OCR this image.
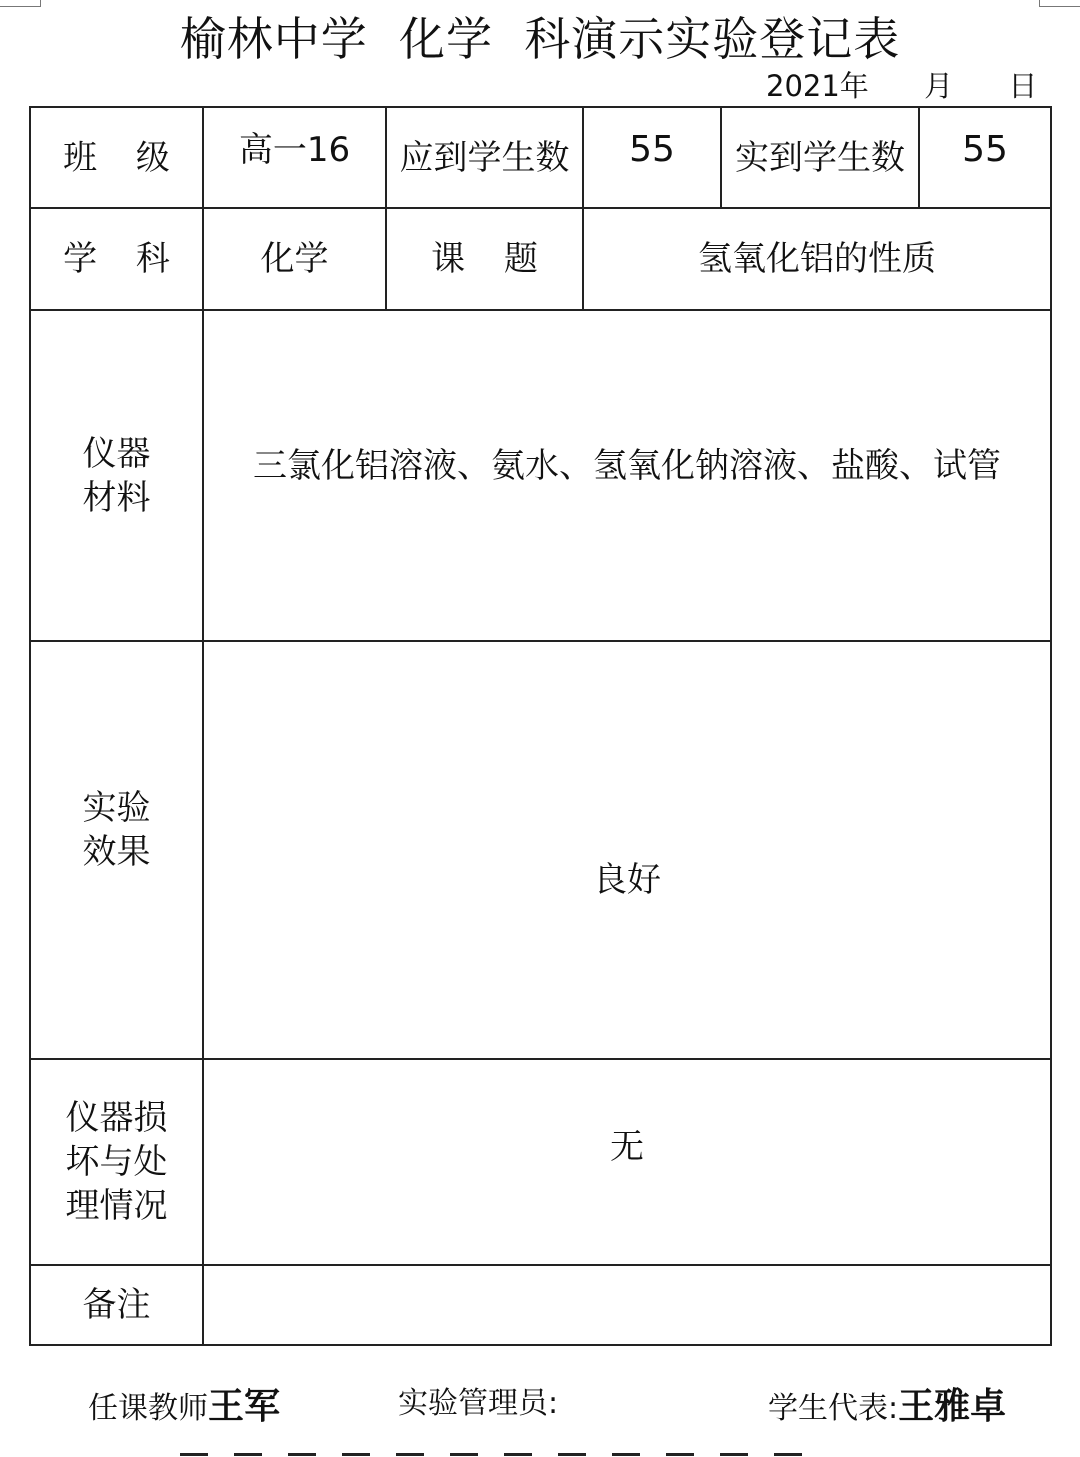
榆林中学  化学  科演示实验登记表
2021年      月      日
班 级	高一16	应到学生数	55	实到学生数	55
学 科	化学	课 题	氢氧化铝的性质		
仪器材料	三氯化铝溶液、氨水、氢氧化钠溶液、盐酸、试管				
实验效果	良好				
仪器损坏与处理情况	无				
备注					
任课教师王军	实验管理员:	学生代表:王雅卓
